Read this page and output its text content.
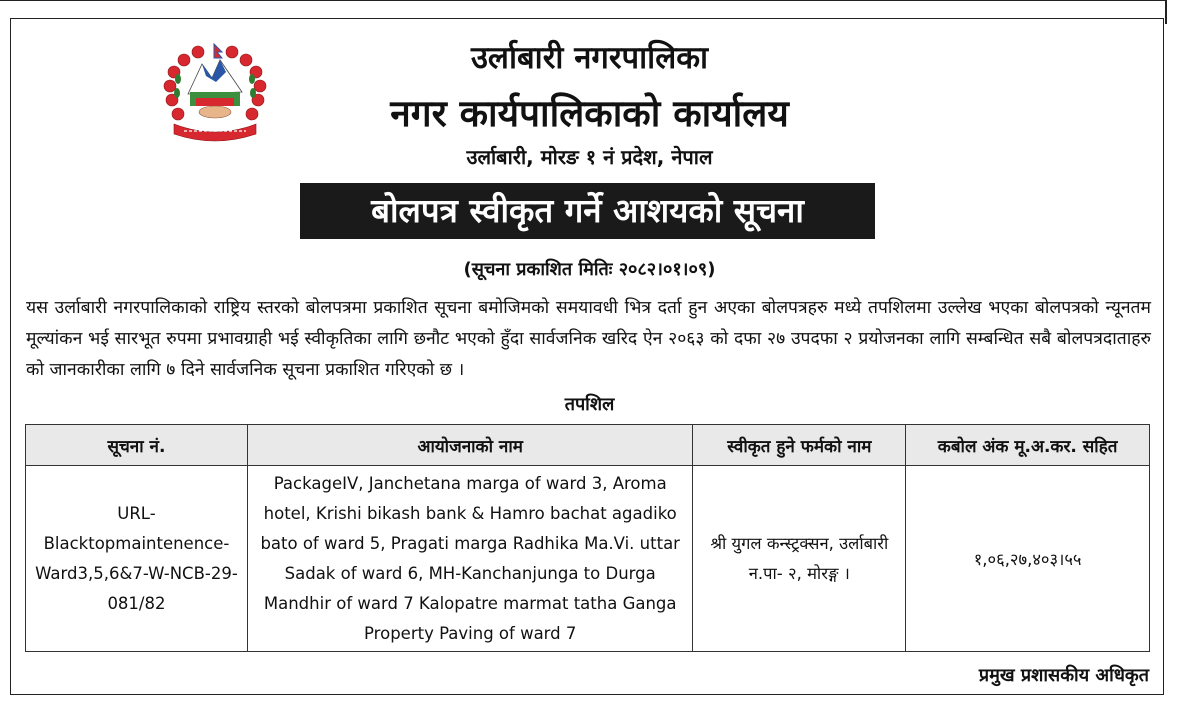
उर्लाबारी नगरपालिका
नगर कार्यपालिकाको कार्यालय
उर्लाबारी, मोरङ १ नं प्रदेश, नेपाल
बोलपत्र स्वीकृत गर्ने आशयको सूचना
(सूचना प्रकाशित मितिः २०८२।०१।०९)
यस उर्लाबारी नगरपालिकाको राष्ट्रिय स्तरको बोलपत्रमा प्रकाशित सूचना बमोजिमको समयावधी भित्र दर्ता हुन अएका बोलपत्रहरु मध्ये तपशिलमा उल्लेख भएका बोलपत्रको न्यूनतम मूल्यांकन भई सारभूत रुपमा प्रभावग्राही भई स्वीकृतिका लागि छनौट भएको हुँदा सार्वजनिक खरिद ऐन २०६३ को दफा २७ उपदफा २ प्रयोजनका लागि सम्बन्धित सबै बोलपत्रदाताहरु को जानकारीका लागि ७ दिने सार्वजनिक सूचना प्रकाशित गरिएको छ ।
तपशिल
सूचना नं.	आयोजनाको नाम	स्वीकृत हुने फर्मको नाम	कबोल अंक मू.अ.कर. सहित
URL-Blacktopmaintenence-Ward3,5,6&7-W-NCB-29-081/82	PackageIV, Janchetana marga of ward 3, Aroma hotel, Krishi bikash bank & Hamro bachat agadiko bato of ward 5, Pragati marga Radhika Ma.Vi. uttar Sadak of ward 6, MH-Kanchanjunga to Durga Mandhir of ward 7 Kalopatre marmat tatha Ganga Property Paving of ward 7	श्री युगल कन्स्ट्रक्सन, उर्लाबारी न.पा- २, मोरङ्ग ।	१,०६,२७,४०३।५५
प्रमुख प्रशासकीय अधिकृत
